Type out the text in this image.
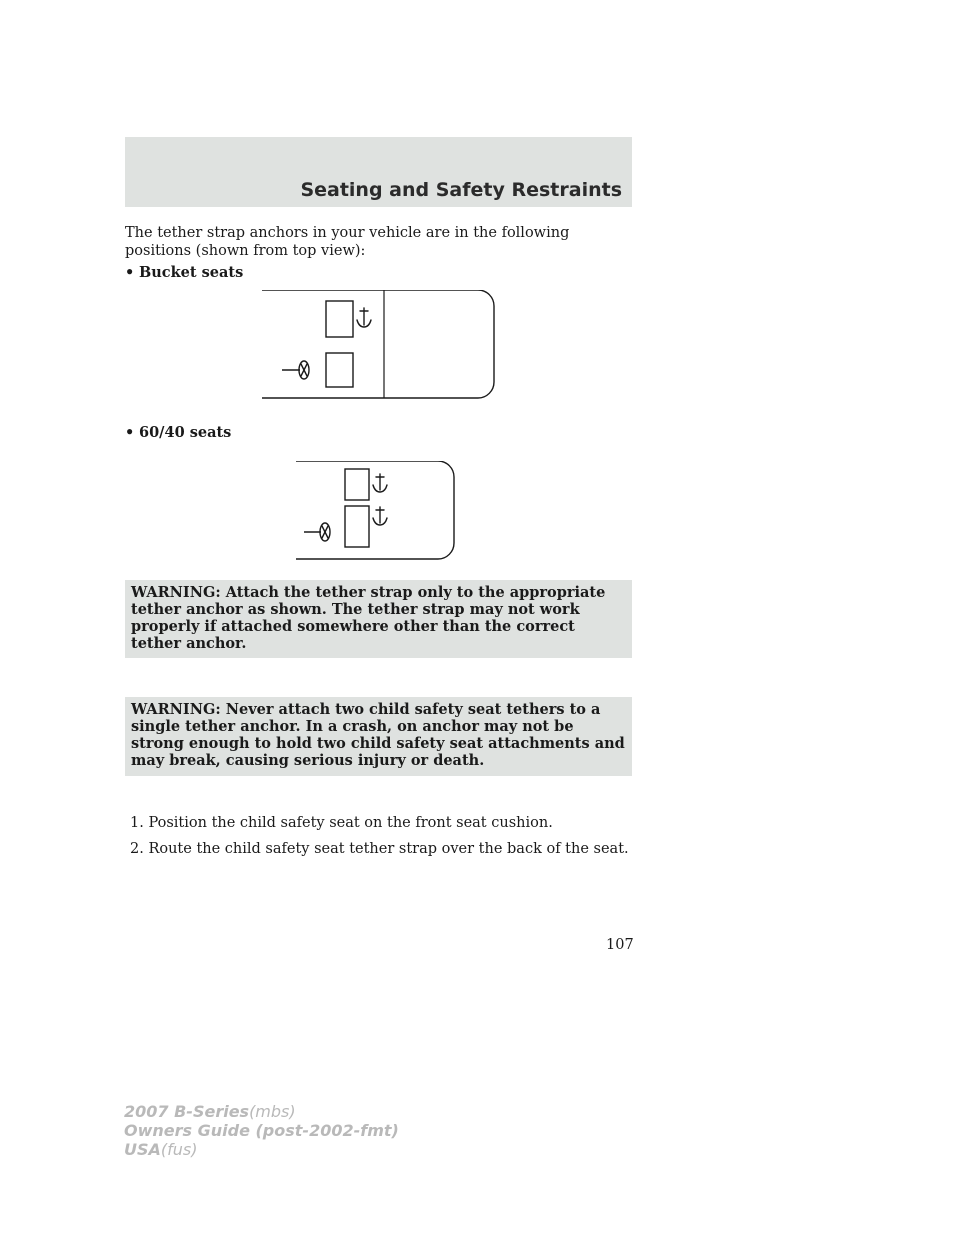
Seating and Safety Restraints

The tether strap anchors in your vehicle are in the following positions (shown from top view):

• Bucket seats
• 60/40 seats
WARNING: Attach the tether strap only to the appropriate tether anchor as shown. The tether strap may not work properly if attached somewhere other than the correct tether anchor.
WARNING: Never attach two child safety seat tethers to a single tether anchor. In a crash, on anchor may not be strong enough to hold two child safety seat attachments and may break, causing serious injury or death.
1. Position the child safety seat on the front seat cushion.
2. Route the child safety seat tether strap over the back of the seat.
107
2007 B-Series(mbs)
Owners Guide (post-2002-fmt)
USA(fus)
